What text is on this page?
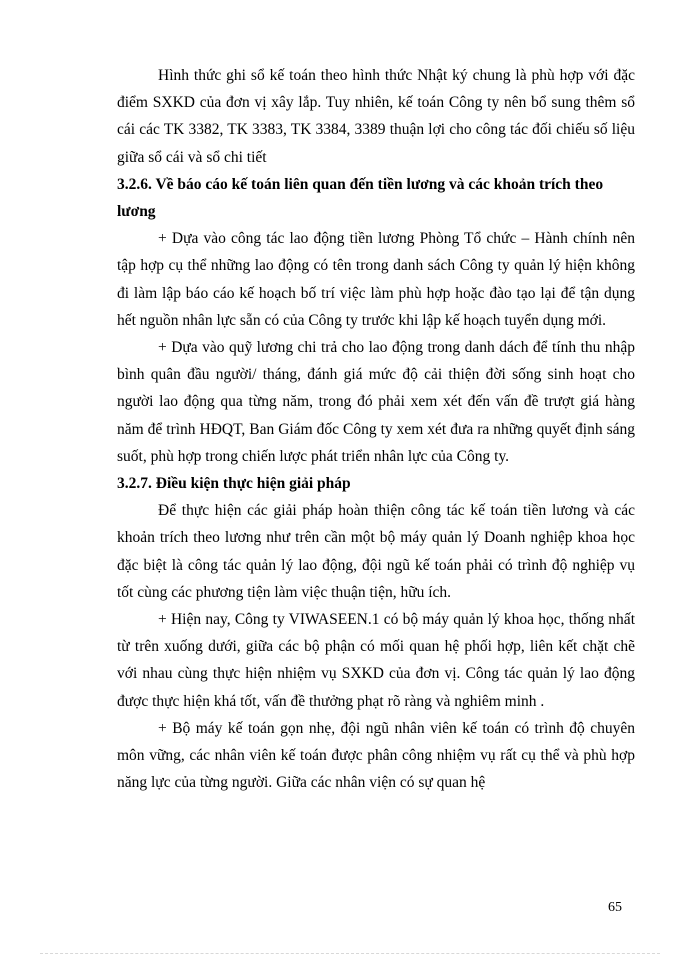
Hình thức ghi sổ kế toán theo hình thức Nhật ký chung là phù hợp với đặc điểm SXKD của đơn vị xây lắp. Tuy nhiên, kế toán Công ty nên bổ sung thêm sổ cái các TK 3382, TK 3383, TK 3384, 3389 thuận lợi cho công tác đối chiếu số liệu giữa sổ cái và sổ chi tiết

3.2.6. Về báo cáo kế toán liên quan đến tiền lương và các khoản trích theo lương

+ Dựa vào công tác lao động tiền lương Phòng Tổ chức – Hành chính nên tập hợp cụ thể những lao động có tên trong danh sách Công ty quản lý hiện không đi làm lập báo cáo kế hoạch bố trí việc làm phù hợp hoặc đào tạo lại để tận dụng hết nguồn nhân lực sẵn có của Công ty trước khi lập kế hoạch tuyển dụng mới.

+ Dựa vào quỹ lương chi trả cho lao động trong danh dách để tính thu nhập bình quân đầu người/ tháng, đánh giá mức độ cải thiện đời sống sinh hoạt cho người lao động qua từng năm, trong đó phải xem xét đến vấn đề trượt giá hàng năm để trình HĐQT, Ban Giám đốc Công ty xem xét đưa ra những quyết định sáng suốt, phù hợp trong chiến lược phát triển nhân lực của Công ty.

3.2.7. Điều kiện thực hiện giải pháp

Để thực hiện các giải pháp hoàn thiện công tác kế toán tiền lương và các khoản trích theo lương như trên cần một bộ máy quản lý Doanh nghiệp khoa học đặc biệt là công tác quản lý lao động, đội ngũ kế toán phải có trình độ nghiệp vụ tốt cùng các phương tiện làm việc thuận tiện, hữu ích.

+ Hiện nay, Công ty VIWASEEN.1 có bộ máy quản lý khoa học, thống nhất từ trên xuống dưới, giữa các bộ phận có mối quan hệ phối hợp, liên kết chặt chẽ với nhau cùng thực hiện nhiệm vụ SXKD của đơn vị. Công tác quản lý lao động được thực hiện khá tốt, vấn đề thưởng phạt rõ ràng và nghiêm minh .

+ Bộ máy kế toán gọn nhẹ, đội ngũ nhân viên kế toán có trình độ chuyên môn vững, các nhân viên kế toán được phân công nhiệm vụ rất cụ thể và phù hợp năng lực của từng người. Giữa các nhân viện có sự quan hệ

65
